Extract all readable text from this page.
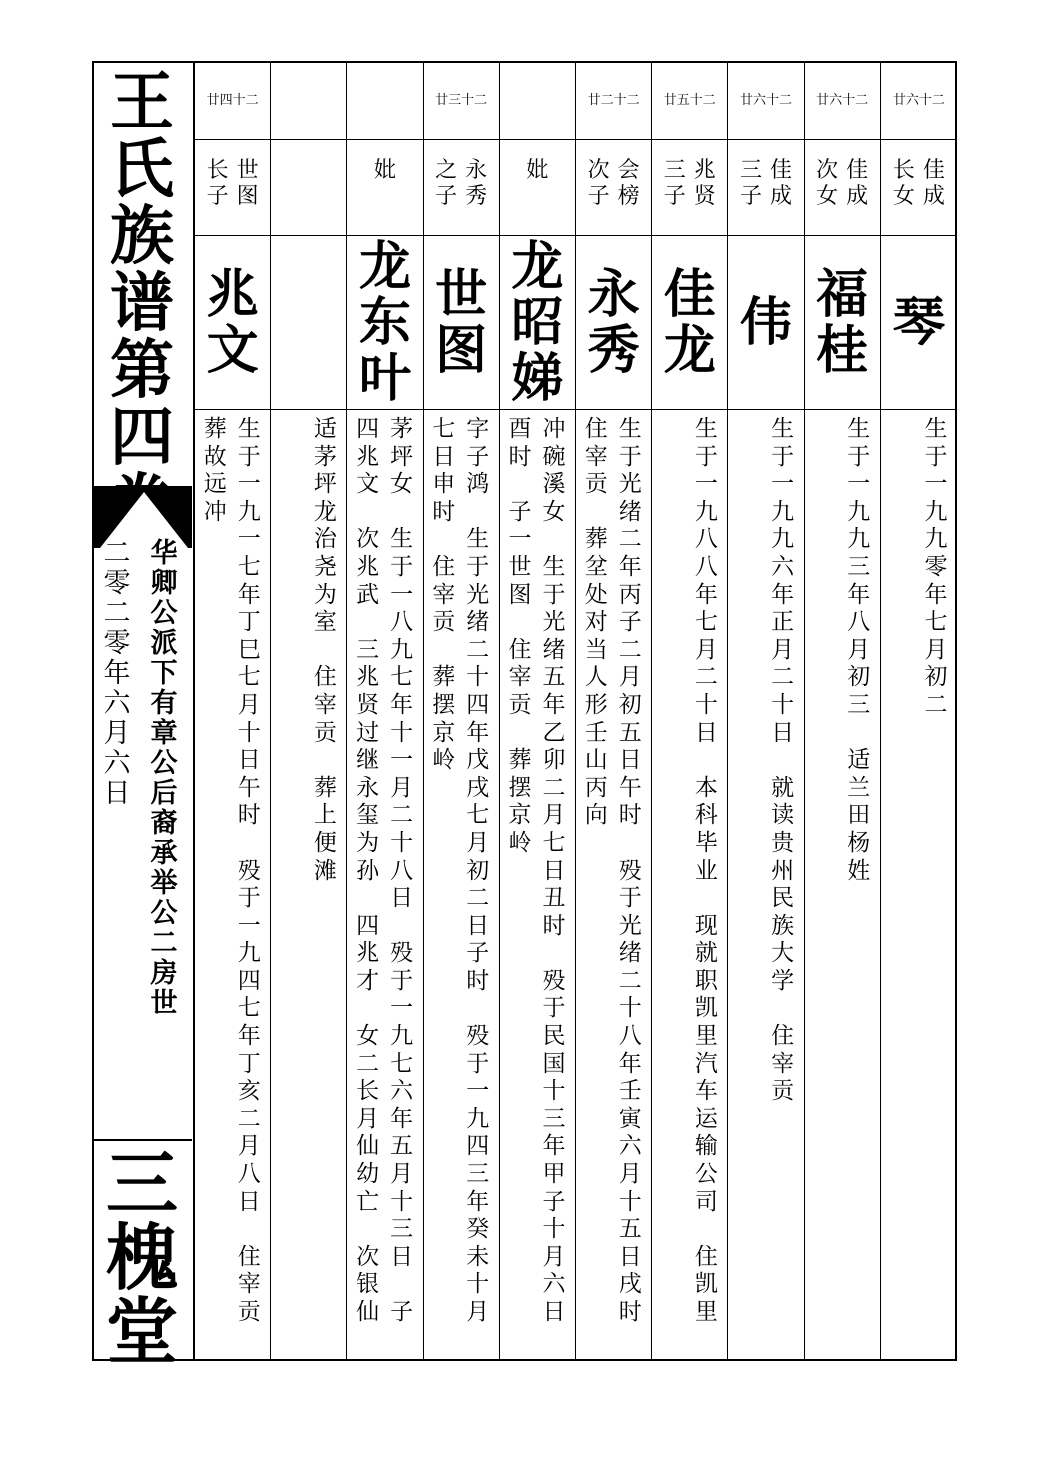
王
氏
族
谱
第
四
华
卿
公
派
下
有
章
公
后
裔
承
举
公
二
房
世
二
零
二
零
年
六
月
六
日
三
槐
堂
廿六十二
佳
成
长
女
琴
生
于
一
九
九
零
年
七
月
初
二
廿六十二
佳
成
次
女
福
桂
生
于
一
九
九
三
年
八
月
初
三

适
兰
田
杨
姓
廿六十二
佳
成
三
子
伟
生
于
一
九
九
六
年
正
月
二
十
日

就
读
贵
州
民
族
大
学

住
宰
贡
廿五十二
兆
贤
三
子
佳
龙
生
于
一
九
八
八
年
七
月
二
十
日

本
科
毕
业

现
就
职
凯
里
汽
车
运
输
公
司

住
凯
里
廿二十二
会
榜
次
子
永
秀
生
于
光
绪
二
年
丙
子
二
月
初
五
日
午
时

殁
于
光
绪
二
十
八
年
壬
寅
六
月
十
五
日
戌
时
住
宰
贡

葬
坌
处
对
当
人
形
壬
山
丙
向
妣
龙
昭
娣
冲
碗
溪
女

生
于
光
绪
五
年
乙
卯
二
月
七
日
丑
时

殁
于
民
国
十
三
年
甲
子
十
月
六
日
酉
时

子
一
世
图

住
宰
贡

葬
摆
京
岭
廿三十二
永
秀
之
子
世
图
字
子
鸿

生
于
光
绪
二
十
四
年
戊
戌
七
月
初
二
日
子
时

殁
于
一
九
四
三
年
癸
未
十
月
七
日
申
时

住
宰
贡

葬
摆
京
岭
妣
龙
东
叶
茅
坪
女

生
于
一
八
九
七
年
十
一
月
二
十
八
日

殁
于
一
九
七
六
年
五
月
十
三
日

子
四
兆
文

次
兆
武

三
兆
贤
过
继
永
玺
为
孙

四
兆
才

女
二
长
月
仙
幼
亡

次
银
仙
适
茅
坪
龙
治
尧
为
室

住
宰
贡

葬
上
便
滩
廿四十二
世
图
长
子
兆
文
生
于
一
九
一
七
年
丁
巳
七
月
十
日
午
时

殁
于
一
九
四
七
年
丁
亥
二
月
八
日

住
宰
贡
葬
故
远
冲
